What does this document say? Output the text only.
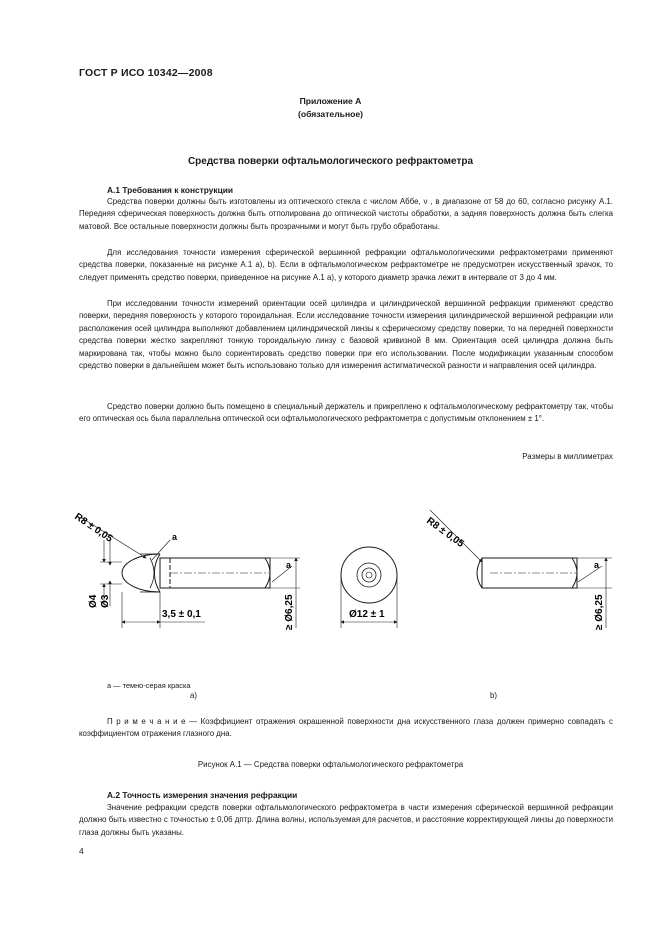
ГОСТ Р ИСО 10342—2008
Приложение А
(обязательное)
Средства поверки офтальмологического рефрактометра
А.1 Требования к конструкции

Средства поверки должны быть изготовлены из оптического стекла с числом Аббе, ν , в диапазоне от 58 до 60, согласно рисунку А.1. Передняя сферическая поверхность должна быть отполирована до оптической чистоты обработки, а задняя поверхность должна быть слегка матовой. Все остальные поверхности должны быть прозрачными и могут быть грубо обработаны.

Для исследования точности измерения сферической вершинной рефракции офтальмологическими рефрактометрами применяют средства поверки, показанные на рисунке А.1 а), b). Если в офтальмологическом рефрактометре не предусмотрен искусственный зрачок, то следует применять средство поверки, приведенное на рисунке А.1 а), у которого диаметр зрачка лежит в интервале от 3 до 4 мм.

При исследовании точности измерений ориентации осей цилиндра и цилиндрической вершинной рефракции применяют средство поверки, передняя поверхность у которого тороидальная. Если исследование точности измерения цилиндрической вершинной рефракции или расположения осей цилиндра выполняют добавлением цилиндрической линзы к сферическому средству поверки, то на передней поверхности средства поверки жестко закрепляют тонкую тороидальную линзу с базовой кривизной 8 мм. Ориентация осей цилиндра должна быть маркирована так, чтобы можно было сориентировать средство поверки при его использовании. После модификации указанным способом средство поверки в дальнейшем может быть использовано только для измерения астигматической разности и направления осей цилиндра.

Средство поверки должно быть помещено в специальный держатель и прикреплено к офтальмологическому рефрактометру так, чтобы его оптическая ось была параллельна оптической оси офтальмологического рефрактометра с допустимым отклонением ± 1°.

Размеры в миллиметрах
R8 ± 0,05	a
a
Ø4 Ø3
3,5 ± 0,1	≥ Ø6,25	Ø12 ± 1
R8 ± 0,05
a
≥ Ø6,25
a — темно-серая краска
а)	b)

П р и м е ч а н и е — Коэффициент отражения окрашенной поверхности дна искусственного глаза должен примерно совпадать с коэффициентом отражения глазного дна.

Рисунок А.1 — Средства поверки офтальмологического рефрактометра
А.2 Точность измерения значения рефракции

Значение рефракции средств поверки офтальмологического рефрактометра в части измерения сферической вершинной рефракции должно быть известно с точностью ± 0,06 дптр. Длина волны, используемая для расчетов, и расстояние корректирующей линзы до поверхности глаза должны быть указаны.

4
